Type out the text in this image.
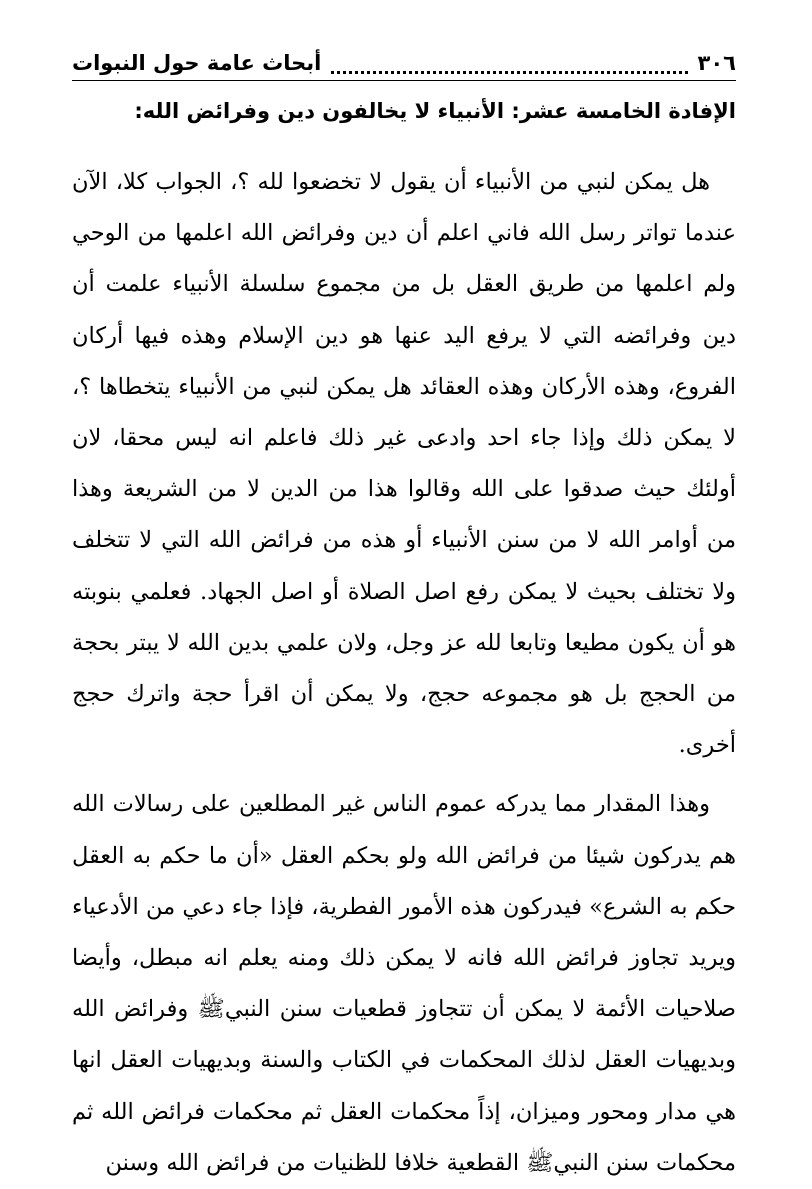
٣٠٦
أبحاث عامة حول النبوات
الإفادة الخامسة عشر: الأنبياء لا يخالفون دين وفرائض الله:

هل يمكن لنبي من الأنبياء أن يقول لا تخضعوا لله ؟، الجواب كلا، الآن عندما تواتر رسل الله فاني اعلم أن دين وفرائض الله اعلمها من الوحي ولم اعلمها من طريق العقل بل من مجموع سلسلة الأنبياء علمت أن دين وفرائضه التي لا يرفع اليد عنها هو دين الإسلام وهذه فيها أركان الفروع، وهذه الأركان وهذه العقائد هل يمكن لنبي من الأنبياء يتخطاها ؟، لا يمكن ذلك وإذا جاء احد وادعى غير ذلك فاعلم انه ليس محقا، لان أولئك حيث صدقوا على الله وقالوا هذا من الدين لا من الشريعة وهذا من أوامر الله لا من سنن الأنبياء أو هذه من فرائض الله التي لا تتخلف ولا تختلف بحيث لا يمكن رفع اصل الصلاة أو اصل الجهاد. فعلمي بنوبته هو أن يكون مطيعا وتابعا لله عز وجل، ولان علمي بدين الله لا يبتر بحجة من الحجج بل هو مجموعه حجج، ولا يمكن أن اقرأ حجة واترك حجج أخرى.

وهذا المقدار مما يدركه عموم الناس غير المطلعين على رسالات الله هم يدركون شيئا من فرائض الله ولو بحكم العقل «أن ما حكم به العقل حكم به الشرع» فيدركون هذه الأمور الفطرية، فإذا جاء دعي من الأدعياء ويريد تجاوز فرائض الله فانه لا يمكن ذلك ومنه يعلم انه مبطل، وأيضا صلاحيات الأئمة لا يمكن أن تتجاوز قطعيات سنن النبيﷺ وفرائض الله وبديهيات العقل لذلك المحكمات في الكتاب والسنة وبديهيات العقل انها هي مدار ومحور وميزان، إذاً محكمات العقل ثم محكمات فرائض الله ثم محكمات سنن النبيﷺ القطعية خلافا للظنيات من فرائض الله وسنن
